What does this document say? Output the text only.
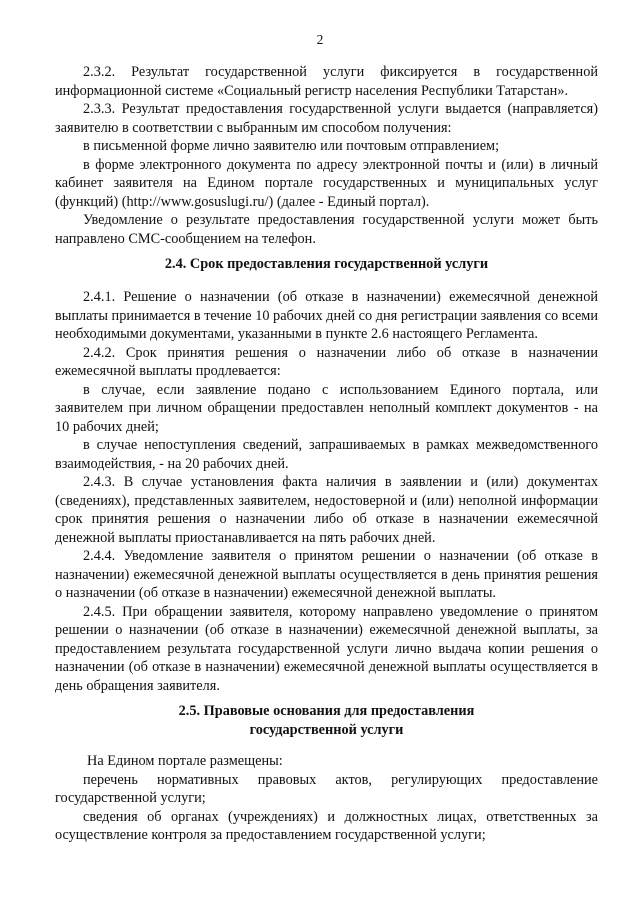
2

2.3.2. Результат государственной услуги фиксируется в государственной информационной системе «Социальный регистр населения Республики Татарстан».

2.3.3. Результат предоставления государственной услуги выдается (направляется) заявителю в соответствии с выбранным им способом получения:

в письменной форме лично заявителю или почтовым отправлением;

в форме электронного документа по адресу электронной почты и (или) в личный кабинет заявителя на Едином портале государственных и муниципальных услуг (функций) (http://www.gosuslugi.ru/) (далее - Единый портал).

Уведомление о результате предоставления государственной услуги может быть направлено СМС-сообщением на телефон.

2.4. Срок предоставления государственной услуги

2.4.1. Решение о назначении (об отказе в назначении) ежемесячной денежной выплаты принимается в течение 10 рабочих дней со дня регистрации заявления со всеми необходимыми документами, указанными в пункте 2.6 настоящего Регламента.

2.4.2. Срок принятия решения о назначении либо об отказе в назначении ежемесячной выплаты продлевается:

в случае, если заявление подано с использованием Единого портала, или заявителем при личном обращении предоставлен неполный комплект документов - на 10 рабочих дней;

в случае непоступления сведений, запрашиваемых в рамках межведомственного взаимодействия, - на 20 рабочих дней.

2.4.3. В случае установления факта наличия в заявлении и (или) документах (сведениях), представленных заявителем, недостоверной и (или) неполной информации срок принятия решения о назначении либо об отказе в назначении ежемесячной денежной выплаты приостанавливается на пять рабочих дней.

2.4.4. Уведомление заявителя о принятом решении о назначении (об отказе в назначении) ежемесячной денежной выплаты осуществляется в день принятия решения о назначении (об отказе в назначении) ежемесячной денежной выплаты.

2.4.5. При обращении заявителя, которому направлено уведомление о принятом решении о назначении (об отказе в назначении) ежемесячной денежной выплаты, за предоставлением результата государственной услуги лично выдача копии решения о назначении (об отказе в назначении) ежемесячной денежной выплаты осуществляется в день обращения заявителя.

2.5. Правовые основания для предоставления

государственной услуги

На Едином портале размещены:

перечень нормативных правовых актов, регулирующих предоставление государственной услуги;

сведения об органах (учреждениях) и должностных лицах, ответственных за осуществление контроля за предоставлением государственной услуги;
